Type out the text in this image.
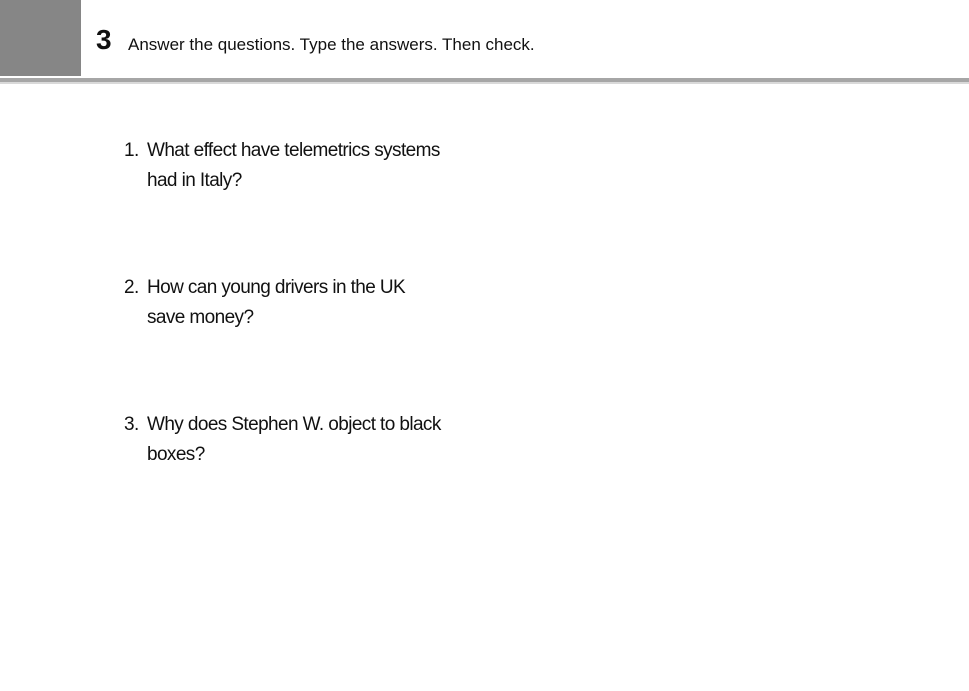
3 Answer the questions. Type the answers. Then check.
1. What effect have telemetrics systems had in Italy?
2. How can young drivers in the UK save money?
3. Why does Stephen W. object to black boxes?
